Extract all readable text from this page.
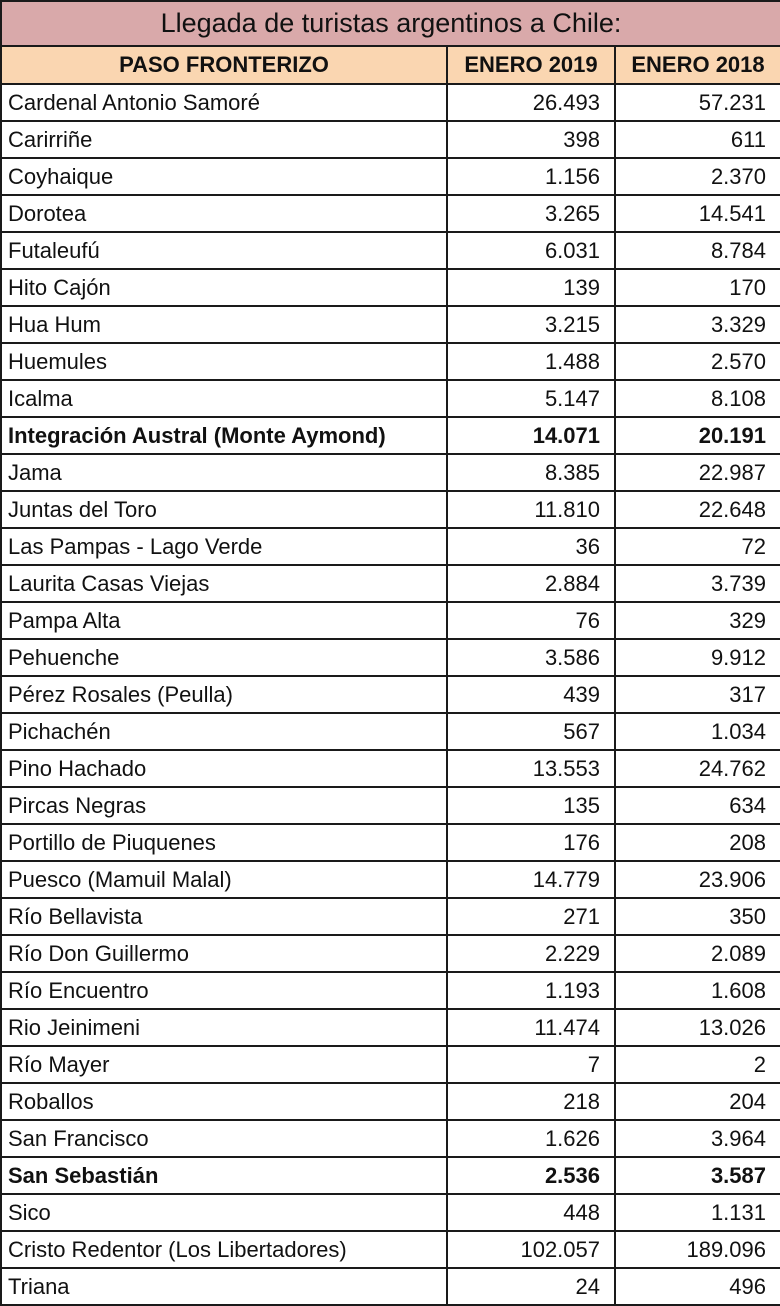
Llegada de turistas argentinos a Chile:		
PASO FRONTERIZO	ENERO 2019	ENERO 2018
Cardenal Antonio Samoré	26.493	57.231
Carirriñe	398	611
Coyhaique	1.156	2.370
Dorotea	3.265	14.541
Futaleufú	6.031	8.784
Hito Cajón	139	170
Hua Hum	3.215	3.329
Huemules	1.488	2.570
Icalma	5.147	8.108
Integración Austral (Monte Aymond)	14.071	20.191
Jama	8.385	22.987
Juntas del Toro	11.810	22.648
Las Pampas - Lago Verde	36	72
Laurita Casas Viejas	2.884	3.739
Pampa Alta	76	329
Pehuenche	3.586	9.912
Pérez Rosales (Peulla)	439	317
Pichachén	567	1.034
Pino Hachado	13.553	24.762
Pircas Negras	135	634
Portillo de Piuquenes	176	208
Puesco (Mamuil Malal)	14.779	23.906
Río Bellavista	271	350
Río Don Guillermo	2.229	2.089
Río Encuentro	1.193	1.608
Rio Jeinimeni	11.474	13.026
Río Mayer	7	2
Roballos	218	204
San Francisco	1.626	3.964
San Sebastián	2.536	3.587
Sico	448	1.131
Cristo Redentor (Los Libertadores)	102.057	189.096
Triana	24	496
